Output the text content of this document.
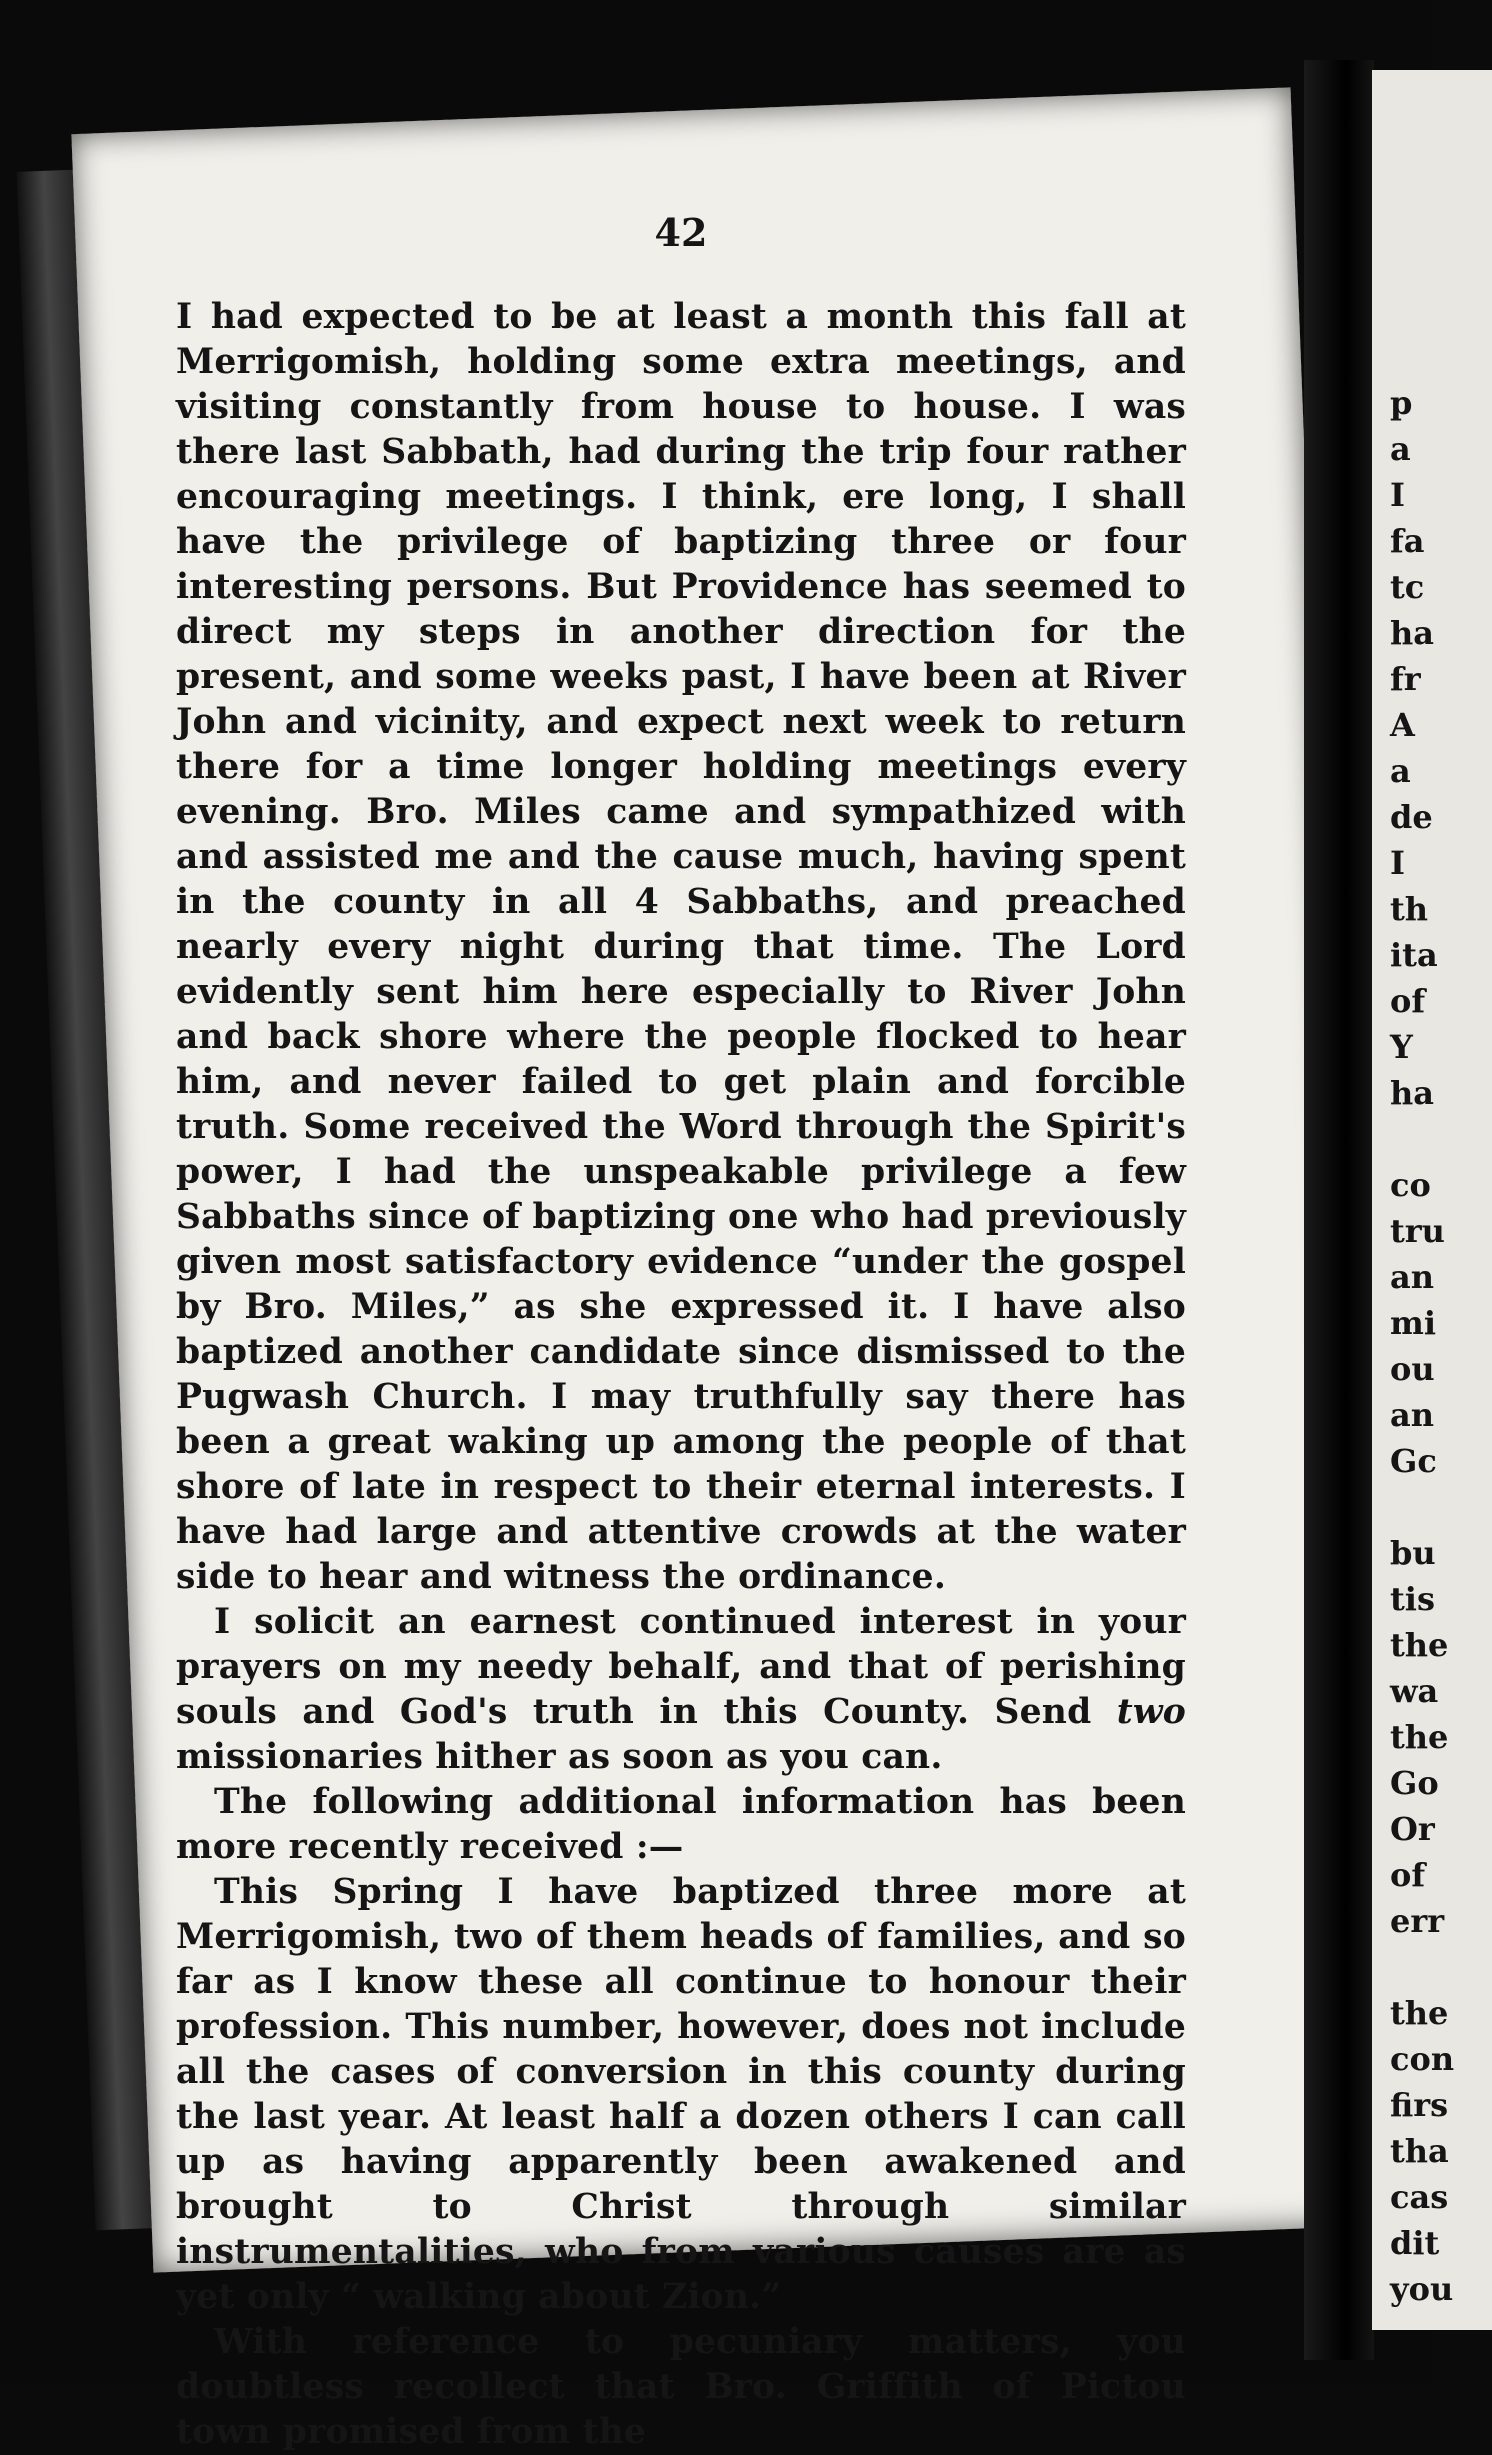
42

I had expected to be at least a month this fall at Merrigomish, holding some extra meetings, and visiting constantly from house to house. I was there last Sabbath, had during the trip four rather encouraging meetings. I think, ere long, I shall have the privilege of baptizing three or four interesting persons. But Providence has seemed to direct my steps in another direction for the present, and some weeks past, I have been at River John and vicinity, and expect next week to return there for a time longer holding meetings every evening. Bro. Miles came and sympathized with and assisted me and the cause much, having spent in the county in all 4 Sabbaths, and preached nearly every night during that time. The Lord evidently sent him here especially to River John and back shore where the people flocked to hear him, and never failed to get plain and forcible truth. Some received the Word through the Spirit's power, I had the unspeakable privilege a few Sabbaths since of baptizing one who had previously given most satisfactory evidence “under the gospel by Bro. Miles,” as she expressed it. I have also baptized another candidate since dismissed to the Pugwash Church. I may truthfully say there has been a great waking up among the people of that shore of late in respect to their eternal interests. I have had large and attentive crowds at the water side to hear and witness the ordinance.

I solicit an earnest continued interest in your prayers on my needy behalf, and that of perishing souls and God's truth in this County. Send two missionaries hither as soon as you can.

The following additional information has been more recently received :—

This Spring I have baptized three more at Merrigomish, two of them heads of families, and so far as I know these all continue to honour their profession. This number, however, does not include all the cases of conversion in this county during the last year. At least half a dozen others I can call up as having apparently been awakened and brought to Christ through similar instrumentalities, who from various causes are as yet only “ walking about Zion.”

With reference to pecuniary matters, you doubtless recollect that Bro. Griffith of Pictou town promised from the

p
a
I
fa
tc
ha
fr
A
a
de
I
th
ita
of
Y
ha

co
tru
an
mi
ou
an
Gc

bu
tis
the
wa
the
Go
Or
of
err

the
con
firs
tha
cas
dit
you
